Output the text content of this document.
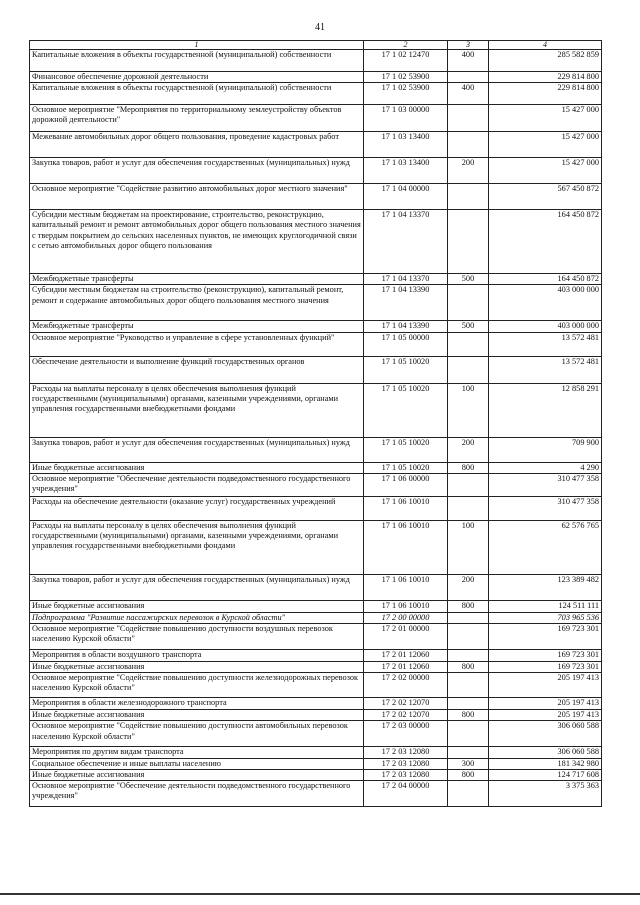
41
1	2	3	4
Капитальные вложения в объекты государственной (муниципальной) собственности	17 1 02 12470	400	285 582 859
Финансовое обеспечение дорожной деятельности	17 1 02 53900		229 814 800
Капитальные вложения в объекты государственной (муниципальной) собственности	17 1 02 53900	400	229 814 800
Основное мероприятие "Мероприятия по территориальному землеустройству объектов дорожной деятельности"	17 1 03 00000		15 427 000
Межевание автомобильных дорог общего пользования, проведение кадастровых работ	17 1 03 13400		15 427 000
Закупка товаров, работ и услуг для обеспечения государственных (муниципальных) нужд	17 1 03 13400	200	15 427 000
Основное мероприятие "Содействие развитию автомобильных дорог местного значения"	17 1 04 00000		567 450 872
Субсидии местным бюджетам на проектирование, строительство, реконструкцию, капитальный ремонт и ремонт автомобильных дорог общего пользования местного значения с твердым покрытием до сельских населенных пунктов, не имеющих круглогодичной связи с сетью автомобильных дорог общего пользования	17 1 04 13370		164 450 872
Межбюджетные трансферты	17 1 04 13370	500	164 450 872
Субсидии местным бюджетам на строительство (реконструкцию), капитальный ремонт, ремонт и содержание автомобильных дорог общего пользования местного значения	17 1 04 13390		403 000 000
Межбюджетные трансферты	17 1 04 13390	500	403 000 000
Основное мероприятие "Руководство и управление в сфере установленных функций"	17 1 05 00000		13 572 481
Обеспечение деятельности и выполнение функций государственных органов	17 1 05 10020		13 572 481
Расходы на выплаты персоналу в целях обеспечения выполнения функций государственными (муниципальными) органами, казенными учреждениями, органами управления государственными внебюджетными фондами	17 1 05 10020	100	12 858 291
Закупка товаров, работ и услуг для обеспечения государственных (муниципальных) нужд	17 1 05 10020	200	709 900
Иные бюджетные ассигнования	17 1 05 10020	800	4 290
Основное мероприятие "Обеспечение деятельности подведомственного государственного учреждения"	17 1 06 00000		310 477 358
Расходы на обеспечение деятельности (оказание услуг) государственных учреждений	17 1 06 10010		310 477 358
Расходы на выплаты персоналу в целях обеспечения выполнения функций государственными (муниципальными) органами, казенными учреждениями, органами управления государственными внебюджетными фондами	17 1 06 10010	100	62 576 765
Закупка товаров, работ и услуг для обеспечения государственных (муниципальных) нужд	17 1 06 10010	200	123 389 482
Иные бюджетные ассигнования	17 1 06 10010	800	124 511 111
Подпрограмма "Развитие пассажирских перевозок в Курской области"	17 2 00 00000		703 965 536
Основное мероприятие "Содействие повышению доступности воздушных перевозок населению Курской области"	17 2 01 00000		169 723 301
Мероприятия в области воздушного транспорта	17 2 01 12060		169 723 301
Иные бюджетные ассигнования	17 2 01 12060	800	169 723 301
Основное мероприятие "Содействие повышению доступности железнодорожных перевозок населению Курской области"	17 2 02 00000		205 197 413
Мероприятия в области железнодорожного транспорта	17 2 02 12070		205 197 413
Иные бюджетные ассигнования	17 2 02 12070	800	205 197 413
Основное мероприятие "Содействие повышению доступности автомобильных перевозок населению Курской области"	17 2 03 00000		306 060 588
Мероприятия по другим видам транспорта	17 2 03 12080		306 060 588
Социальное обеспечение и иные выплаты населению	17 2 03 12080	300	181 342 980
Иные бюджетные ассигнования	17 2 03 12080	800	124 717 608
Основное мероприятие "Обеспечение деятельности подведомственного государственного учреждения"	17 2 04 00000		3 375 363
